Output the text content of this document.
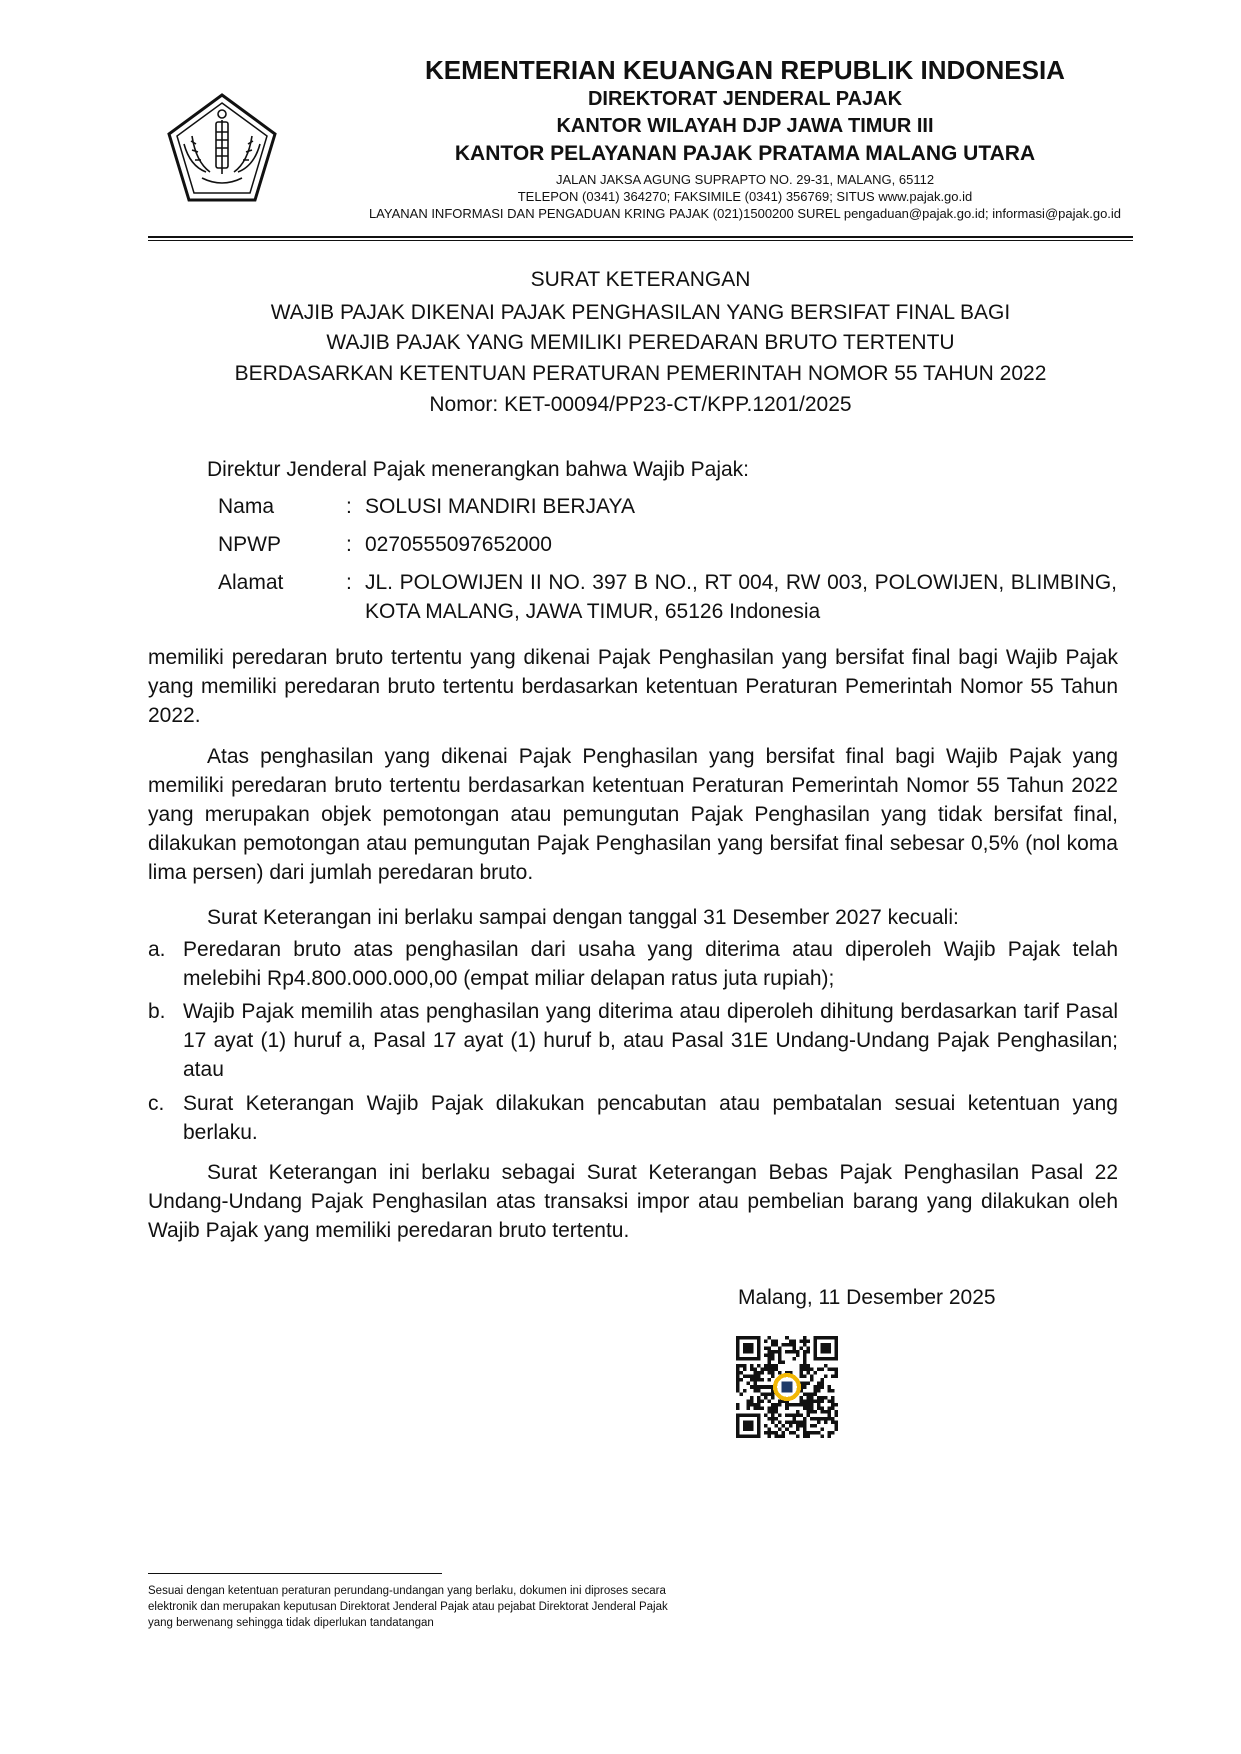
KEMENTERIAN KEUANGAN REPUBLIK INDONESIA
DIREKTORAT JENDERAL PAJAK
KANTOR WILAYAH DJP JAWA TIMUR III
KANTOR PELAYANAN PAJAK PRATAMA MALANG UTARA
JALAN JAKSA AGUNG SUPRAPTO NO. 29-31, MALANG, 65112
TELEPON (0341) 364270; FAKSIMILE (0341) 356769; SITUS www.pajak.go.id
LAYANAN INFORMASI DAN PENGADUAN KRING PAJAK (021)1500200 SUREL pengaduan@pajak.go.id; informasi@pajak.go.id
SURAT KETERANGAN
WAJIB PAJAK DIKENAI PAJAK PENGHASILAN YANG BERSIFAT FINAL BAGI
WAJIB PAJAK YANG MEMILIKI PEREDARAN BRUTO TERTENTU
BERDASARKAN KETENTUAN PERATURAN PEMERINTAH NOMOR 55 TAHUN 2022
Nomor: KET-00094/PP23-CT/KPP.1201/2025
Direktur Jenderal Pajak menerangkan bahwa Wajib Pajak:
Nama	: SOLUSI MANDIRI BERJAYA
NPWP	: 0270555097652000
Alamat	: JL. POLOWIJEN II NO. 397 B NO., RT 004, RW 003, POLOWIJEN, BLIMBING, KOTA MALANG, JAWA TIMUR, 65126 Indonesia
memiliki peredaran bruto tertentu yang dikenai Pajak Penghasilan yang bersifat final bagi Wajib Pajak yang memiliki peredaran bruto tertentu berdasarkan ketentuan Peraturan Pemerintah Nomor 55 Tahun 2022.
Atas penghasilan yang dikenai Pajak Penghasilan yang bersifat final bagi Wajib Pajak yang memiliki peredaran bruto tertentu berdasarkan ketentuan Peraturan Pemerintah Nomor 55 Tahun 2022 yang merupakan objek pemotongan atau pemungutan Pajak Penghasilan yang tidak bersifat final, dilakukan pemotongan atau pemungutan Pajak Penghasilan yang bersifat final sebesar 0,5% (nol koma lima persen) dari jumlah peredaran bruto.
Surat Keterangan ini berlaku sampai dengan tanggal 31 Desember 2027 kecuali:
a. Peredaran bruto atas penghasilan dari usaha yang diterima atau diperoleh Wajib Pajak telah melebihi Rp4.800.000.000,00 (empat miliar delapan ratus juta rupiah);
b. Wajib Pajak memilih atas penghasilan yang diterima atau diperoleh dihitung berdasarkan tarif Pasal 17 ayat (1) huruf a, Pasal 17 ayat (1) huruf b, atau Pasal 31E Undang-Undang Pajak Penghasilan; atau
c. Surat Keterangan Wajib Pajak dilakukan pencabutan atau pembatalan sesuai ketentuan yang berlaku.
Surat Keterangan ini berlaku sebagai Surat Keterangan Bebas Pajak Penghasilan Pasal 22 Undang-Undang Pajak Penghasilan atas transaksi impor atau pembelian barang yang dilakukan oleh Wajib Pajak yang memiliki peredaran bruto tertentu.
Malang, 11 Desember 2025
Sesuai dengan ketentuan peraturan perundang-undangan yang berlaku, dokumen ini diproses secara elektronik dan merupakan keputusan Direktorat Jenderal Pajak atau pejabat Direktorat Jenderal Pajak yang berwenang sehingga tidak diperlukan tandatangan
